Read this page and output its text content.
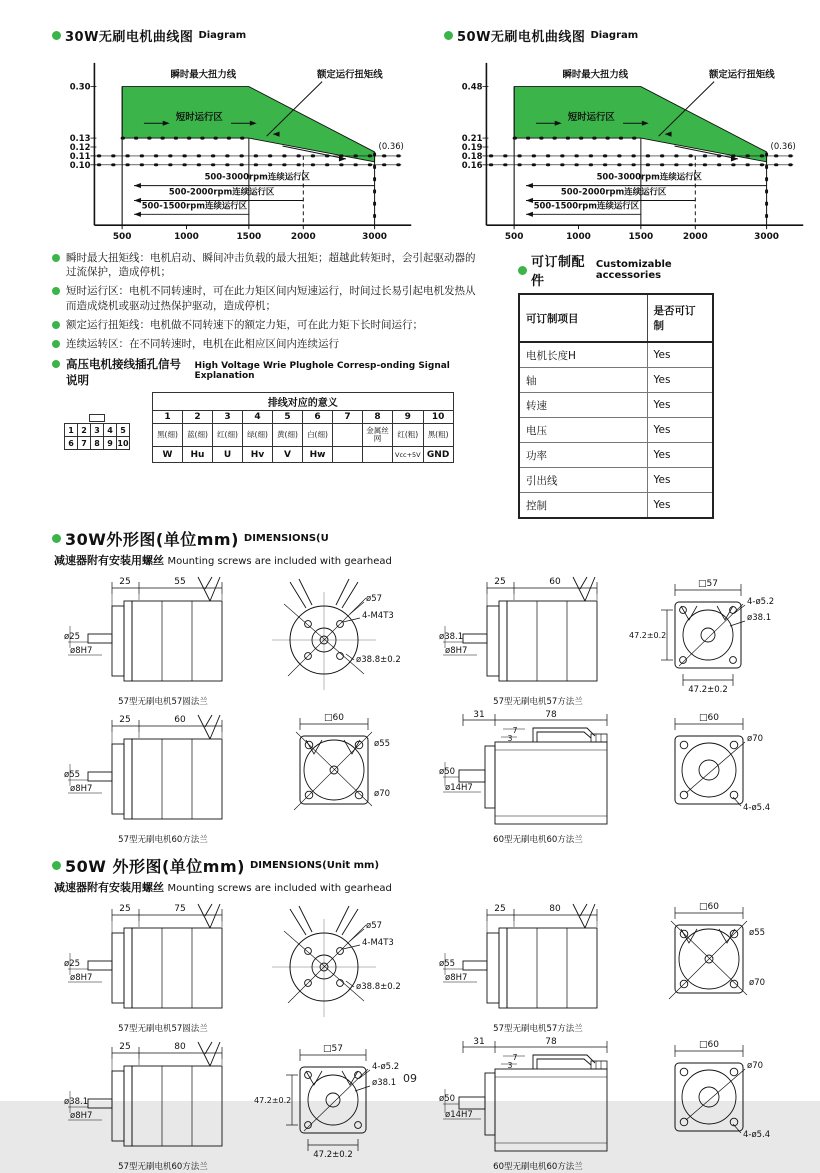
30W无刷电机曲线图 Diagram
0.30
0.13
0.12
0.11
0.10
500	1000	1500	2000	3000
瞬时最大扭力线	额定运行扭矩线
短时运行区
(0.36)
500-3000rpm连续运行区
500-2000rpm连续运行区
500-1500rpm连续运行区
50W无刷电机曲线图 Diagram
0.48
0.21
0.19
0.18
0.16
500	1000	1500	2000	3000
瞬时最大扭力线	额定运行扭矩线
短时运行区
(0.36)
500-3000rpm连续运行区
500-2000rpm连续运行区
500-1500rpm连续运行区
瞬时最大扭矩线：电机启动、瞬间冲击负载的最大扭矩；超越此转矩时，会引起驱动器的过流保护，造成停机；
短时运行区：电机不同转速时，可在此力矩区间内短速运行，时间过长易引起电机发热从而造成烧机或驱动过热保护驱动，造成停机；
额定运行扭矩线：电机做不同转速下的额定力矩，可在此力矩下长时间运行；
连续运转区：在不同转速时，电机在此相应区间内连续运行
高压电机接线插孔信号说明
High Voltage Wrie Plughole Corresp-onding Signal Explanation
1	2	3	4	5
6	7	8	9	10
排线对应的意义									
1	2	3	4	5	6	7	8	9	10
黑(细)	蓝(细)	红(细)	绿(细)	黄(细)	白(细)		金属丝网	红(粗)	黑(粗)
W	Hu	U	Hv	V	Hw			Vcc+5V	GND
可订制配件
Customizable accessories
可订制项目	是否可订制
电机长度H	Yes
轴	Yes
转速	Yes
电压	Yes
功率	Yes
引出线	Yes
控制	Yes
30W外形图(单位mm) DIMENSIONS(U
减速器附有安装用螺丝 Mounting screws are included with gearhead
25	55
ø25
ø8H7
ø57
4-M4T3
ø38.8±0.2
57型无刷电机57圆法兰
25	60
ø38.1
ø8H7
□57
47.2±0.2
47.2±0.2
4-ø5.2
ø38.1
57型无刷电机57方法兰
25	60
ø55
ø8H7
□60
ø55
ø70
57型无刷电机60方法兰
31	78
7
3
ø50
ø14H7
□60
ø70
4-ø5.4
60型无刷电机60方法兰
50W 外形图(单位mm) DIMENSIONS(Unit mm)
减速器附有安装用螺丝 Mounting screws are included with gearhead
25	75
ø25
ø8H7
ø57
4-M4T3
ø38.8±0.2
57型无刷电机57圆法兰
25	80
ø55
ø8H7
□60
ø55
ø70
57型无刷电机57方法兰
25	80
ø38.1
ø8H7
□57
47.2±0.2
47.2±0.2
4-ø5.2
ø38.1
57型无刷电机60方法兰
31	78
7
3
ø50
ø14H7
□60
ø70
4-ø5.4
60型无刷电机60方法兰
09
